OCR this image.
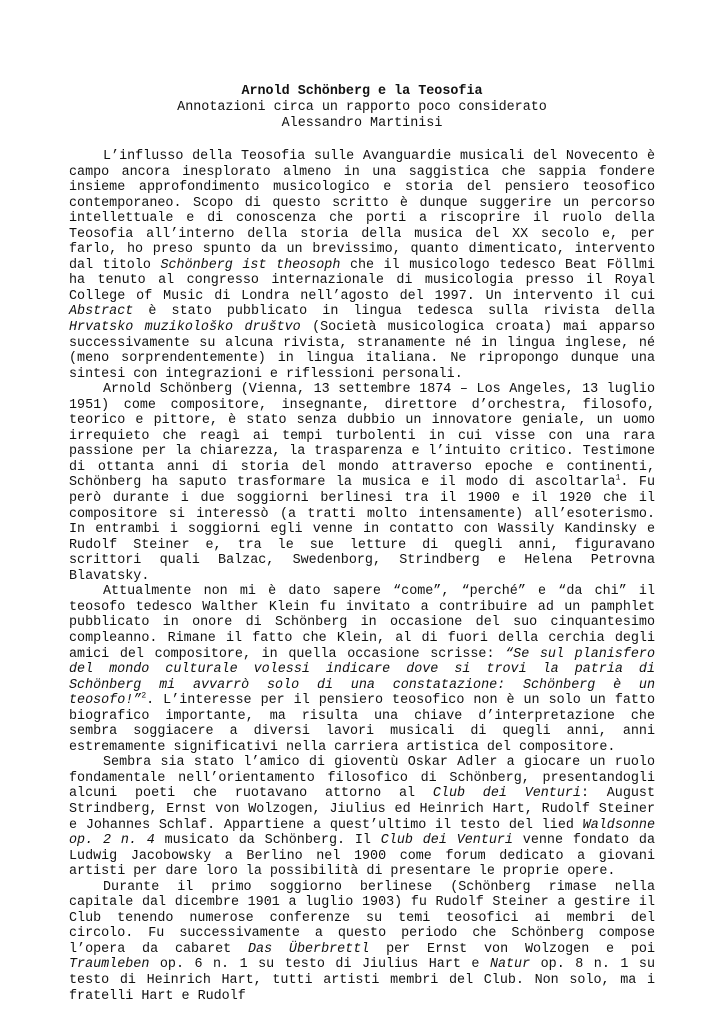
Arnold Schönberg e la Teosofia
Annotazioni circa un rapporto poco considerato
Alessandro Martinisi

L’influsso della Teosofia sulle Avanguardie musicali del Novecento è campo ancora inesplorato almeno in una saggistica che sappia fondere insieme approfondimento musicologico e storia del pensiero teosofico contemporaneo. Scopo di questo scritto è dunque suggerire un percorso intellettuale e di conoscenza che porti a riscoprire il ruolo della Teosofia all’interno della storia della musica del XX secolo e, per farlo, ho preso spunto da un brevissimo, quanto dimenticato, intervento dal titolo Schönberg ist theosoph che il musicologo tedesco Beat Föllmi ha tenuto al congresso internazionale di musicologia presso il Royal College of Music di Londra nell’agosto del 1997. Un intervento il cui Abstract è stato pubblicato in lingua tedesca sulla rivista della Hrvatsko muzikološko društvo (Società musicologica croata) mai apparso successivamente su alcuna rivista, stranamente né in lingua inglese, né (meno sorprendentemente) in lingua italiana. Ne ripropongo dunque una sintesi con integrazioni e riflessioni personali.

Arnold Schönberg (Vienna, 13 settembre 1874 – Los Angeles, 13 luglio 1951) come compositore, insegnante, direttore d’orchestra, filosofo, teorico e pittore, è stato senza dubbio un innovatore geniale, un uomo irrequieto che reagì ai tempi turbolenti in cui visse con una rara passione per la chiarezza, la trasparenza e l’intuito critico. Testimone di ottanta anni di storia del mondo attraverso epoche e continenti, Schönberg ha saputo trasformare la musica e il modo di ascoltarla$^1$. Fu però durante i due soggiorni berlinesi tra il 1900 e il 1920 che il compositore si interessò (a tratti molto intensamente) all’esoterismo. In entrambi i soggiorni egli venne in contatto con Wassily Kandinsky e Rudolf Steiner e, tra le sue letture di quegli anni, figuravano scrittori quali Balzac, Swedenborg, Strindberg e Helena Petrovna Blavatsky.

Attualmente non mi è dato sapere “come”, “perché” e “da chi” il teosofo tedesco Walther Klein fu invitato a contribuire ad un pamphlet pubblicato in onore di Schönberg in occasione del suo cinquantesimo compleanno. Rimane il fatto che Klein, al di fuori della cerchia degli amici del compositore, in quella occasione scrisse: “Se sul planisfero del mondo culturale volessi indicare dove si trovi la patria di Schönberg mi avvarrò solo di una constatazione: Schönberg è un teosofo!”$^2$. L’interesse per il pensiero teosofico non è un solo un fatto biografico importante, ma risulta una chiave d’interpretazione che sembra soggiacere a diversi lavori musicali di quegli anni, anni estremamente significativi nella carriera artistica del compositore.

Sembra sia stato l’amico di gioventù Oskar Adler a giocare un ruolo fondamentale nell’orientamento filosofico di Schönberg, presentandogli alcuni poeti che ruotavano attorno al Club dei Venturi: August Strindberg, Ernst von Wolzogen, Jiulius ed Heinrich Hart, Rudolf Steiner e Johannes Schlaf. Appartiene a quest’ultimo il testo del lied Waldsonne op. 2 n. 4 musicato da Schönberg. Il Club dei Venturi venne fondato da Ludwig Jacobowsky a Berlino nel 1900 come forum dedicato a giovani artisti per dare loro la possibilità di presentare le proprie opere.

Durante il primo soggiorno berlinese (Schönberg rimase nella capitale dal dicembre 1901 a luglio 1903) fu Rudolf Steiner a gestire il Club tenendo numerose conferenze su temi teosofici ai membri del circolo. Fu successivamente a questo periodo che Schönberg compose l’opera da cabaret Das Überbrettl per Ernst von Wolzogen e poi Traumleben op. 6 n. 1 su testo di Jiulius Hart e Natur op. 8 n. 1 su testo di Heinrich Hart, tutti artisti membri del Club. Non solo, ma i fratelli Hart e Rudolf
